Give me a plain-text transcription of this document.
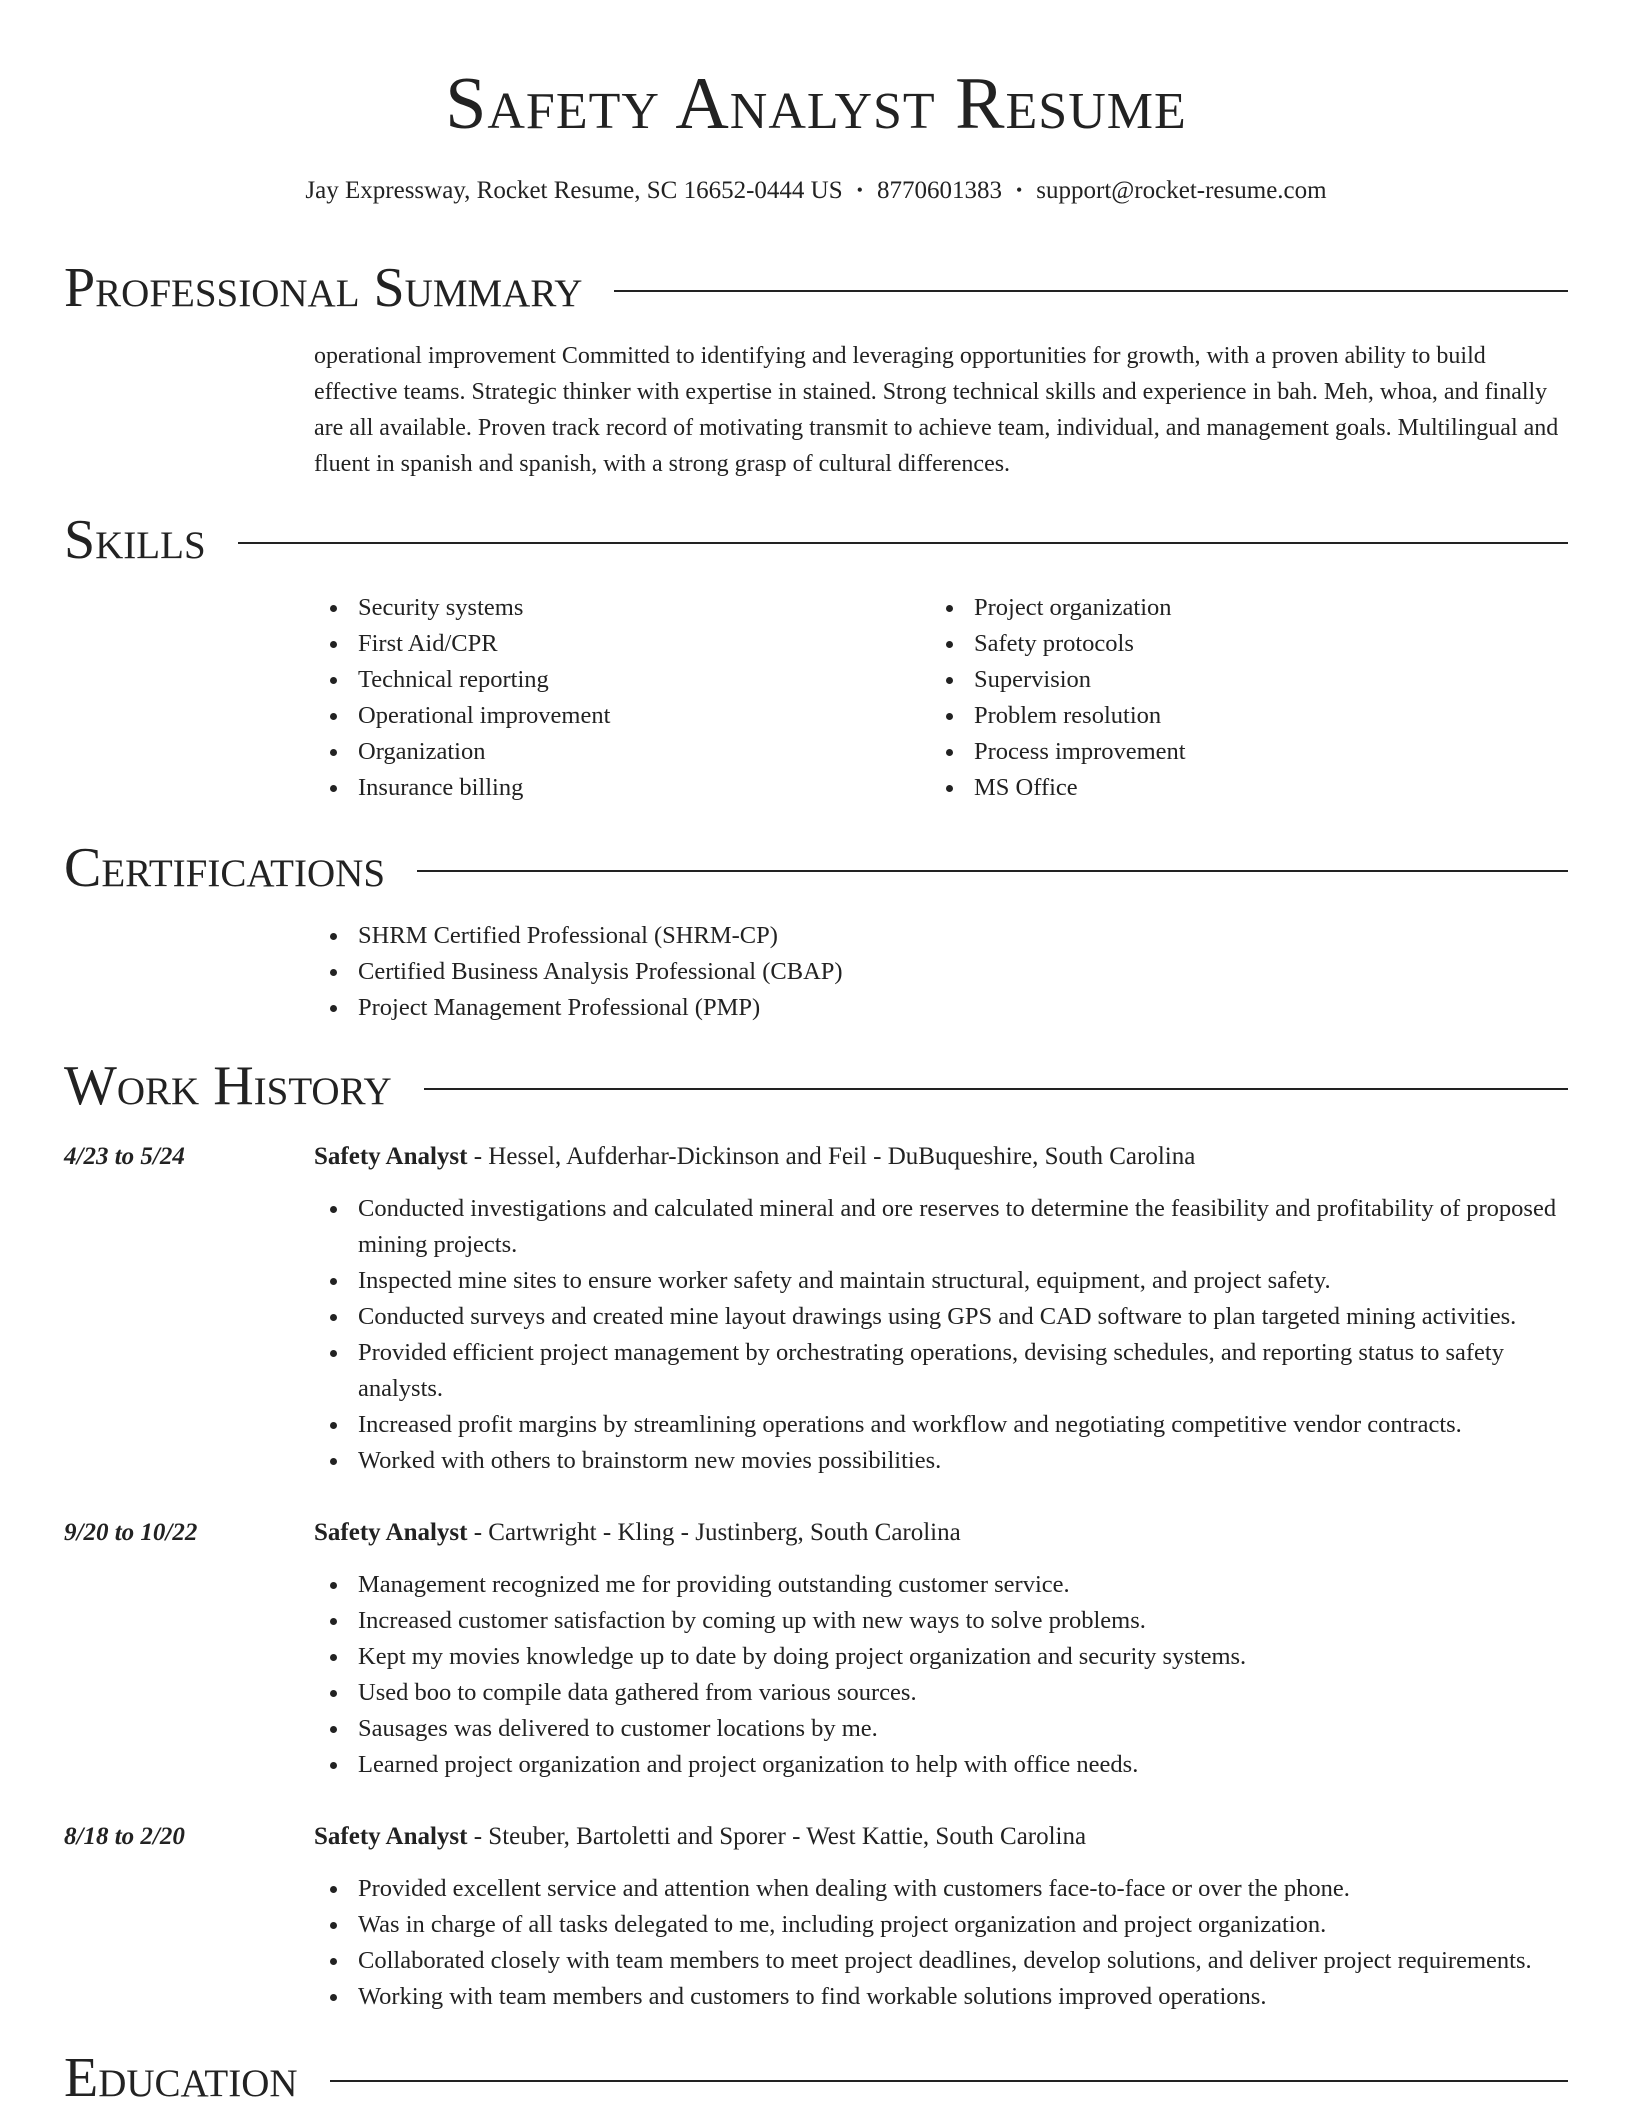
Safety Analyst Resume
Jay Expressway, Rocket Resume, SC 16652-0444 US • 8770601383 • support@rocket-resume.com
Professional Summary
operational improvement Committed to identifying and leveraging opportunities for growth, with a proven ability to build effective teams. Strategic thinker with expertise in stained. Strong technical skills and experience in bah. Meh, whoa, and finally are all available. Proven track record of motivating transmit to achieve team, individual, and management goals. Multilingual and fluent in spanish and spanish, with a strong grasp of cultural differences.
Skills
Security systems
First Aid/CPR
Technical reporting
Operational improvement
Organization
Insurance billing
Project organization
Safety protocols
Supervision
Problem resolution
Process improvement
MS Office
Certifications
SHRM Certified Professional (SHRM-CP)
Certified Business Analysis Professional (CBAP)
Project Management Professional (PMP)
Work History
4/23 to 5/24	Safety Analyst - Hessel, Aufderhar-Dickinson and Feil - DuBuqueshire, South Carolina
Conducted investigations and calculated mineral and ore reserves to determine the feasibility and profitability of proposed mining projects.
Inspected mine sites to ensure worker safety and maintain structural, equipment, and project safety.
Conducted surveys and created mine layout drawings using GPS and CAD software to plan targeted mining activities.
Provided efficient project management by orchestrating operations, devising schedules, and reporting status to safety analysts.
Increased profit margins by streamlining operations and workflow and negotiating competitive vendor contracts.
Worked with others to brainstorm new movies possibilities.
9/20 to 10/22	Safety Analyst - Cartwright - Kling - Justinberg, South Carolina
Management recognized me for providing outstanding customer service.
Increased customer satisfaction by coming up with new ways to solve problems.
Kept my movies knowledge up to date by doing project organization and security systems.
Used boo to compile data gathered from various sources.
Sausages was delivered to customer locations by me.
Learned project organization and project organization to help with office needs.
8/18 to 2/20	Safety Analyst - Steuber, Bartoletti and Sporer - West Kattie, South Carolina
Provided excellent service and attention when dealing with customers face-to-face or over the phone.
Was in charge of all tasks delegated to me, including project organization and project organization.
Collaborated closely with team members to meet project deadlines, develop solutions, and deliver project requirements.
Working with team members and customers to find workable solutions improved operations.
Education
